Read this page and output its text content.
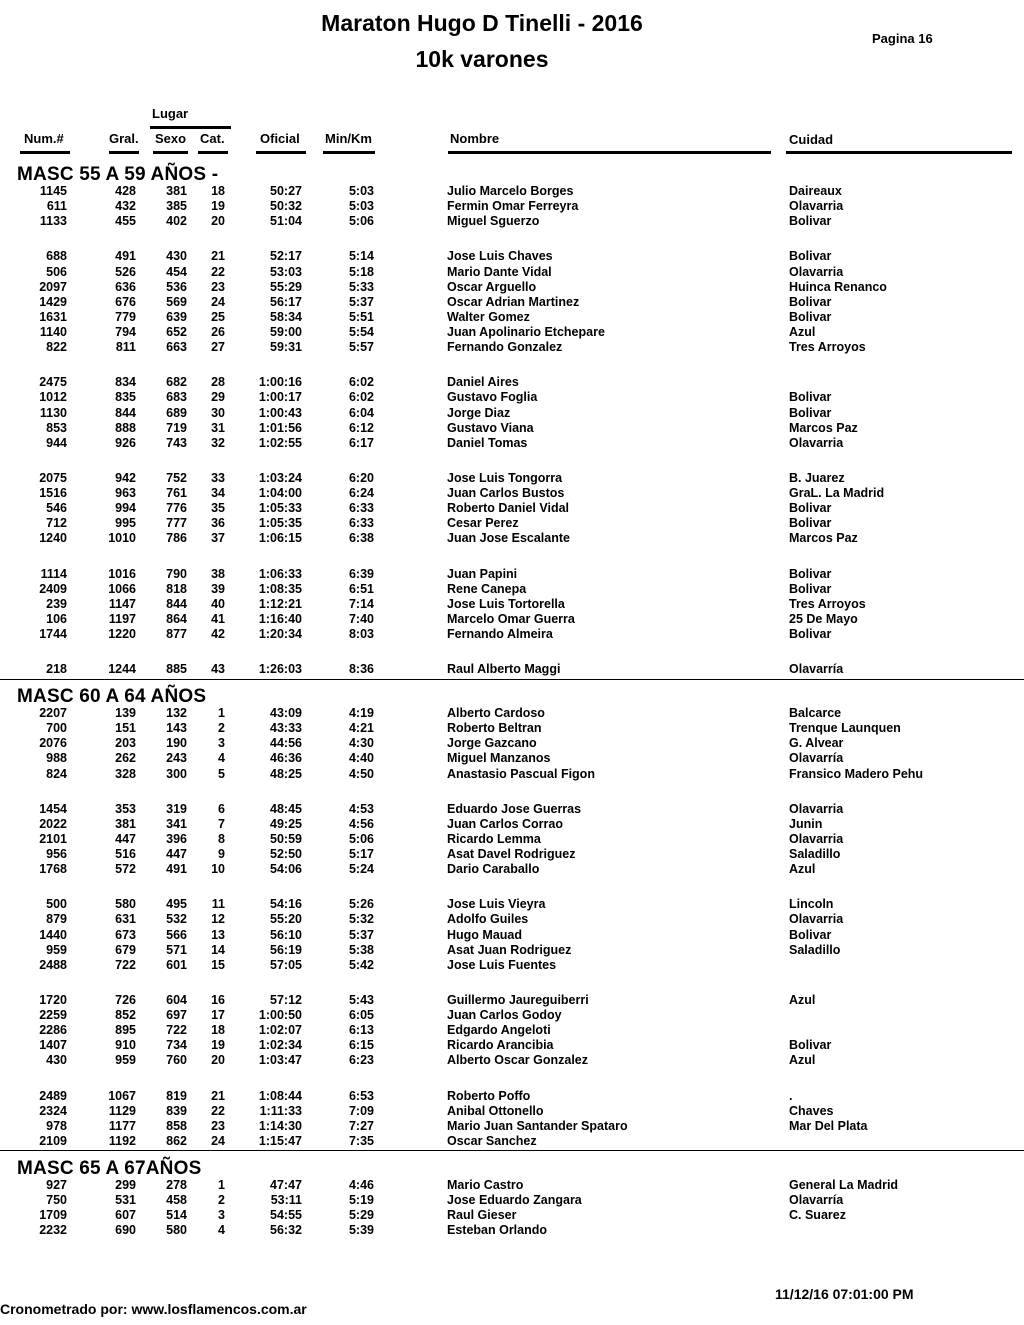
Maraton Hugo D Tinelli - 2016
10k varones
Pagina 16
Lugar
Num.#	Gral. Sexo Cat.	Oficial Min/Km	Nombre	Cuidad
MASC 55 A 59 AÑOS -
1145	428	381	18	50:27	5:03	Julio Marcelo Borges	Daireaux
611	432	385	19	50:32	5:03	Fermin Omar Ferreyra	Olavarria
1133	455	402	20	51:04	5:06	Miguel Sguerzo	Bolivar
688	491	430	21	52:17	5:14	Jose Luis Chaves	Bolivar
506	526	454	22	53:03	5:18	Mario Dante Vidal	Olavarria
2097	636	536	23	55:29	5:33	Oscar Arguello	Huinca Renanco
1429	676	569	24	56:17	5:37	Oscar Adrian Martinez	Bolivar
1631	779	639	25	58:34	5:51	Walter Gomez	Bolivar
1140	794	652	26	59:00	5:54	Juan Apolinario Etchepare	Azul
822	811	663	27	59:31	5:57	Fernando Gonzalez	Tres Arroyos
2475	834	682	28	1:00:16	6:02	Daniel Aires
1012	835	683	29	1:00:17	6:02	Gustavo Foglia	Bolivar
1130	844	689	30	1:00:43	6:04	Jorge Diaz	Bolivar
853	888	719	31	1:01:56	6:12	Gustavo Viana	Marcos Paz
944	926	743	32	1:02:55	6:17	Daniel Tomas	Olavarria
2075	942	752	33	1:03:24	6:20	Jose Luis Tongorra	B. Juarez
1516	963	761	34	1:04:00	6:24	Juan Carlos Bustos	GraL. La Madrid
546	994	776	35	1:05:33	6:33	Roberto Daniel Vidal	Bolivar
712	995	777	36	1:05:35	6:33	Cesar Perez	Bolivar
1240	1010	786	37	1:06:15	6:38	Juan Jose Escalante	Marcos Paz
1114	1016	790	38	1:06:33	6:39	Juan Papini	Bolivar
2409	1066	818	39	1:08:35	6:51	Rene Canepa	Bolivar
239	1147	844	40	1:12:21	7:14	Jose Luis Tortorella	Tres Arroyos
106	1197	864	41	1:16:40	7:40	Marcelo Omar Guerra	25 De Mayo
1744	1220	877	42	1:20:34	8:03	Fernando Almeira	Bolivar
218	1244	885	43	1:26:03	8:36	Raul Alberto Maggi	Olavarría
MASC 60 A 64 AÑOS
2207	139	132	1	43:09	4:19	Alberto Cardoso	Balcarce
700	151	143	2	43:33	4:21	Roberto Beltran	Trenque Launquen
2076	203	190	3	44:56	4:30	Jorge Gazcano	G. Alvear
988	262	243	4	46:36	4:40	Miguel Manzanos	Olavarría
824	328	300	5	48:25	4:50	Anastasio Pascual Figon	Fransico Madero Pehu
1454	353	319	6	48:45	4:53	Eduardo Jose Guerras	Olavarria
2022	381	341	7	49:25	4:56	Juan Carlos Corrao	Junin
2101	447	396	8	50:59	5:06	Ricardo Lemma	Olavarria
956	516	447	9	52:50	5:17	Asat Davel Rodriguez	Saladillo
1768	572	491	10	54:06	5:24	Dario Caraballo	Azul
500	580	495	11	54:16	5:26	Jose Luis Vieyra	Lincoln
879	631	532	12	55:20	5:32	Adolfo Guiles	Olavarria
1440	673	566	13	56:10	5:37	Hugo Mauad	Bolivar
959	679	571	14	56:19	5:38	Asat Juan Rodriguez	Saladillo
2488	722	601	15	57:05	5:42	Jose Luis Fuentes
1720	726	604	16	57:12	5:43	Guillermo Jaureguiberri	Azul
2259	852	697	17	1:00:50	6:05	Juan Carlos Godoy
2286	895	722	18	1:02:07	6:13	Edgardo Angeloti
1407	910	734	19	1:02:34	6:15	Ricardo Arancibia	Bolivar
430	959	760	20	1:03:47	6:23	Alberto Oscar Gonzalez	Azul
2489	1067	819	21	1:08:44	6:53	Roberto Poffo	.
2324	1129	839	22	1:11:33	7:09	Anibal Ottonello	Chaves
978	1177	858	23	1:14:30	7:27	Mario Juan Santander Spataro	Mar Del Plata
2109	1192	862	24	1:15:47	7:35	Oscar Sanchez
MASC 65 A 67AÑOS
927	299	278	1	47:47	4:46	Mario Castro	General La Madrid
750	531	458	2	53:11	5:19	Jose Eduardo Zangara	Olavarría
1709	607	514	3	54:55	5:29	Raul Gieser	C. Suarez
2232	690	580	4	56:32	5:39	Esteban Orlando
Cronometrado por: www.losflamencos.com.ar
11/12/16 07:01:00 PM
